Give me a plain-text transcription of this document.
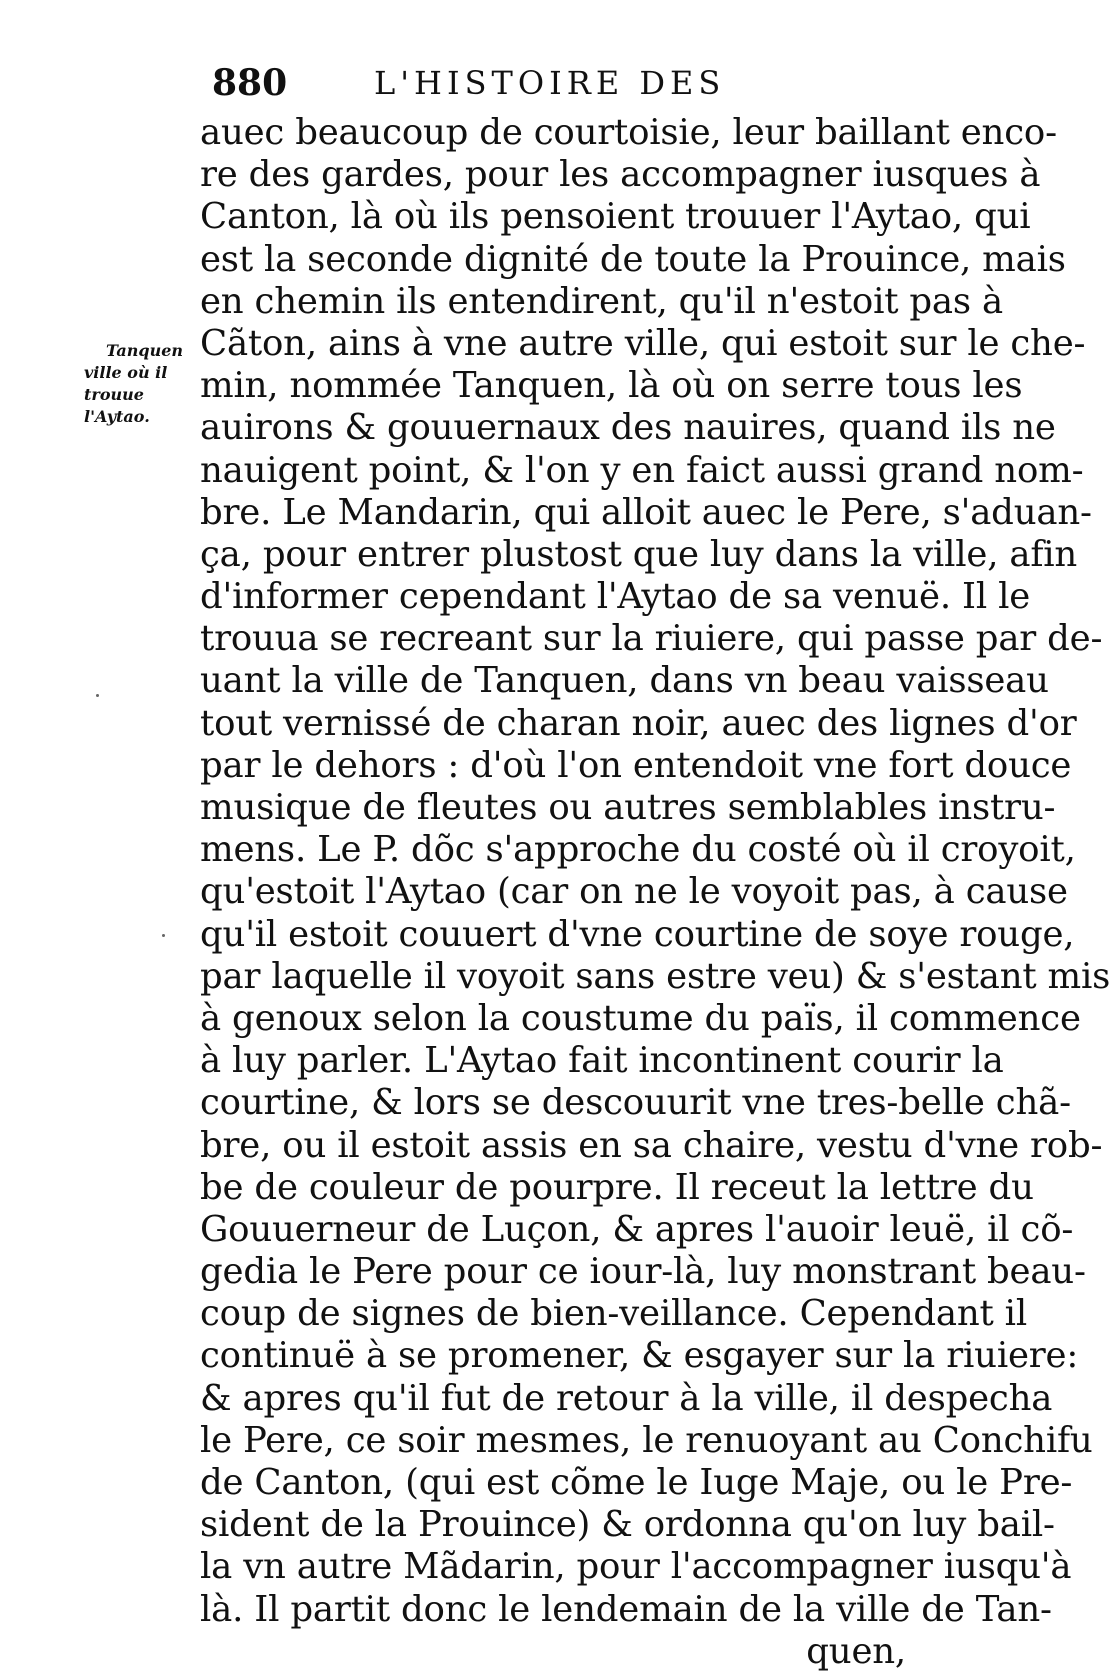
880	L'HISTOIRE DES
Tanquen
ville où il
trouue
l'Aytao.
auec beaucoup de courtoisie, leur baillant enco-
re des gardes, pour les accompagner iusques à
Canton, là où ils pensoient trouuer l'Aytao, qui
est la seconde dignité de toute la Prouince, mais
en chemin ils entendirent, qu'il n'estoit pas à
Cãton, ains à vne autre ville, qui estoit sur le che-
min, nommée Tanquen, là où on serre tous les
auirons & gouuernaux des nauires, quand ils ne
nauigent point, & l'on y en faict aussi grand nom-
bre. Le Mandarin, qui alloit auec le Pere, s'aduan-
ça, pour entrer plustost que luy dans la ville, afin
d'informer cependant l'Aytao de sa venuë. Il le
trouua se recreant sur la riuiere, qui passe par de-
uant la ville de Tanquen, dans vn beau vaisseau
tout vernissé de charan noir, auec des lignes d'or
par le dehors : d'où l'on entendoit vne fort douce
musique de fleutes ou autres semblables instru-
mens. Le P. dõc s'approche du costé où il croyoit,
qu'estoit l'Aytao (car on ne le voyoit pas, à cause
qu'il estoit couuert d'vne courtine de soye rouge,
par laquelle il voyoit sans estre veu) & s'estant mis
à genoux selon la coustume du païs, il commence
à luy parler. L'Aytao fait incontinent courir la
courtine, & lors se descouurit vne tres-belle chã-
bre, ou il estoit assis en sa chaire, vestu d'vne rob-
be de couleur de pourpre. Il receut la lettre du
Gouuerneur de Luçon, & apres l'auoir leuë, il cõ-
gedia le Pere pour ce iour-là, luy monstrant beau-
coup de signes de bien-veillance. Cependant il
continuë à se promener, & esgayer sur la riuiere:
& apres qu'il fut de retour à la ville, il despecha
le Pere, ce soir mesmes, le renuoyant au Conchifu
de Canton, (qui est cõme le Iuge Maje, ou le Pre-
sident de la Prouince) & ordonna qu'on luy bail-
la vn autre Mãdarin, pour l'accompagner iusqu'à
là. Il partit donc le lendemain de la ville de Tan-
quen,
